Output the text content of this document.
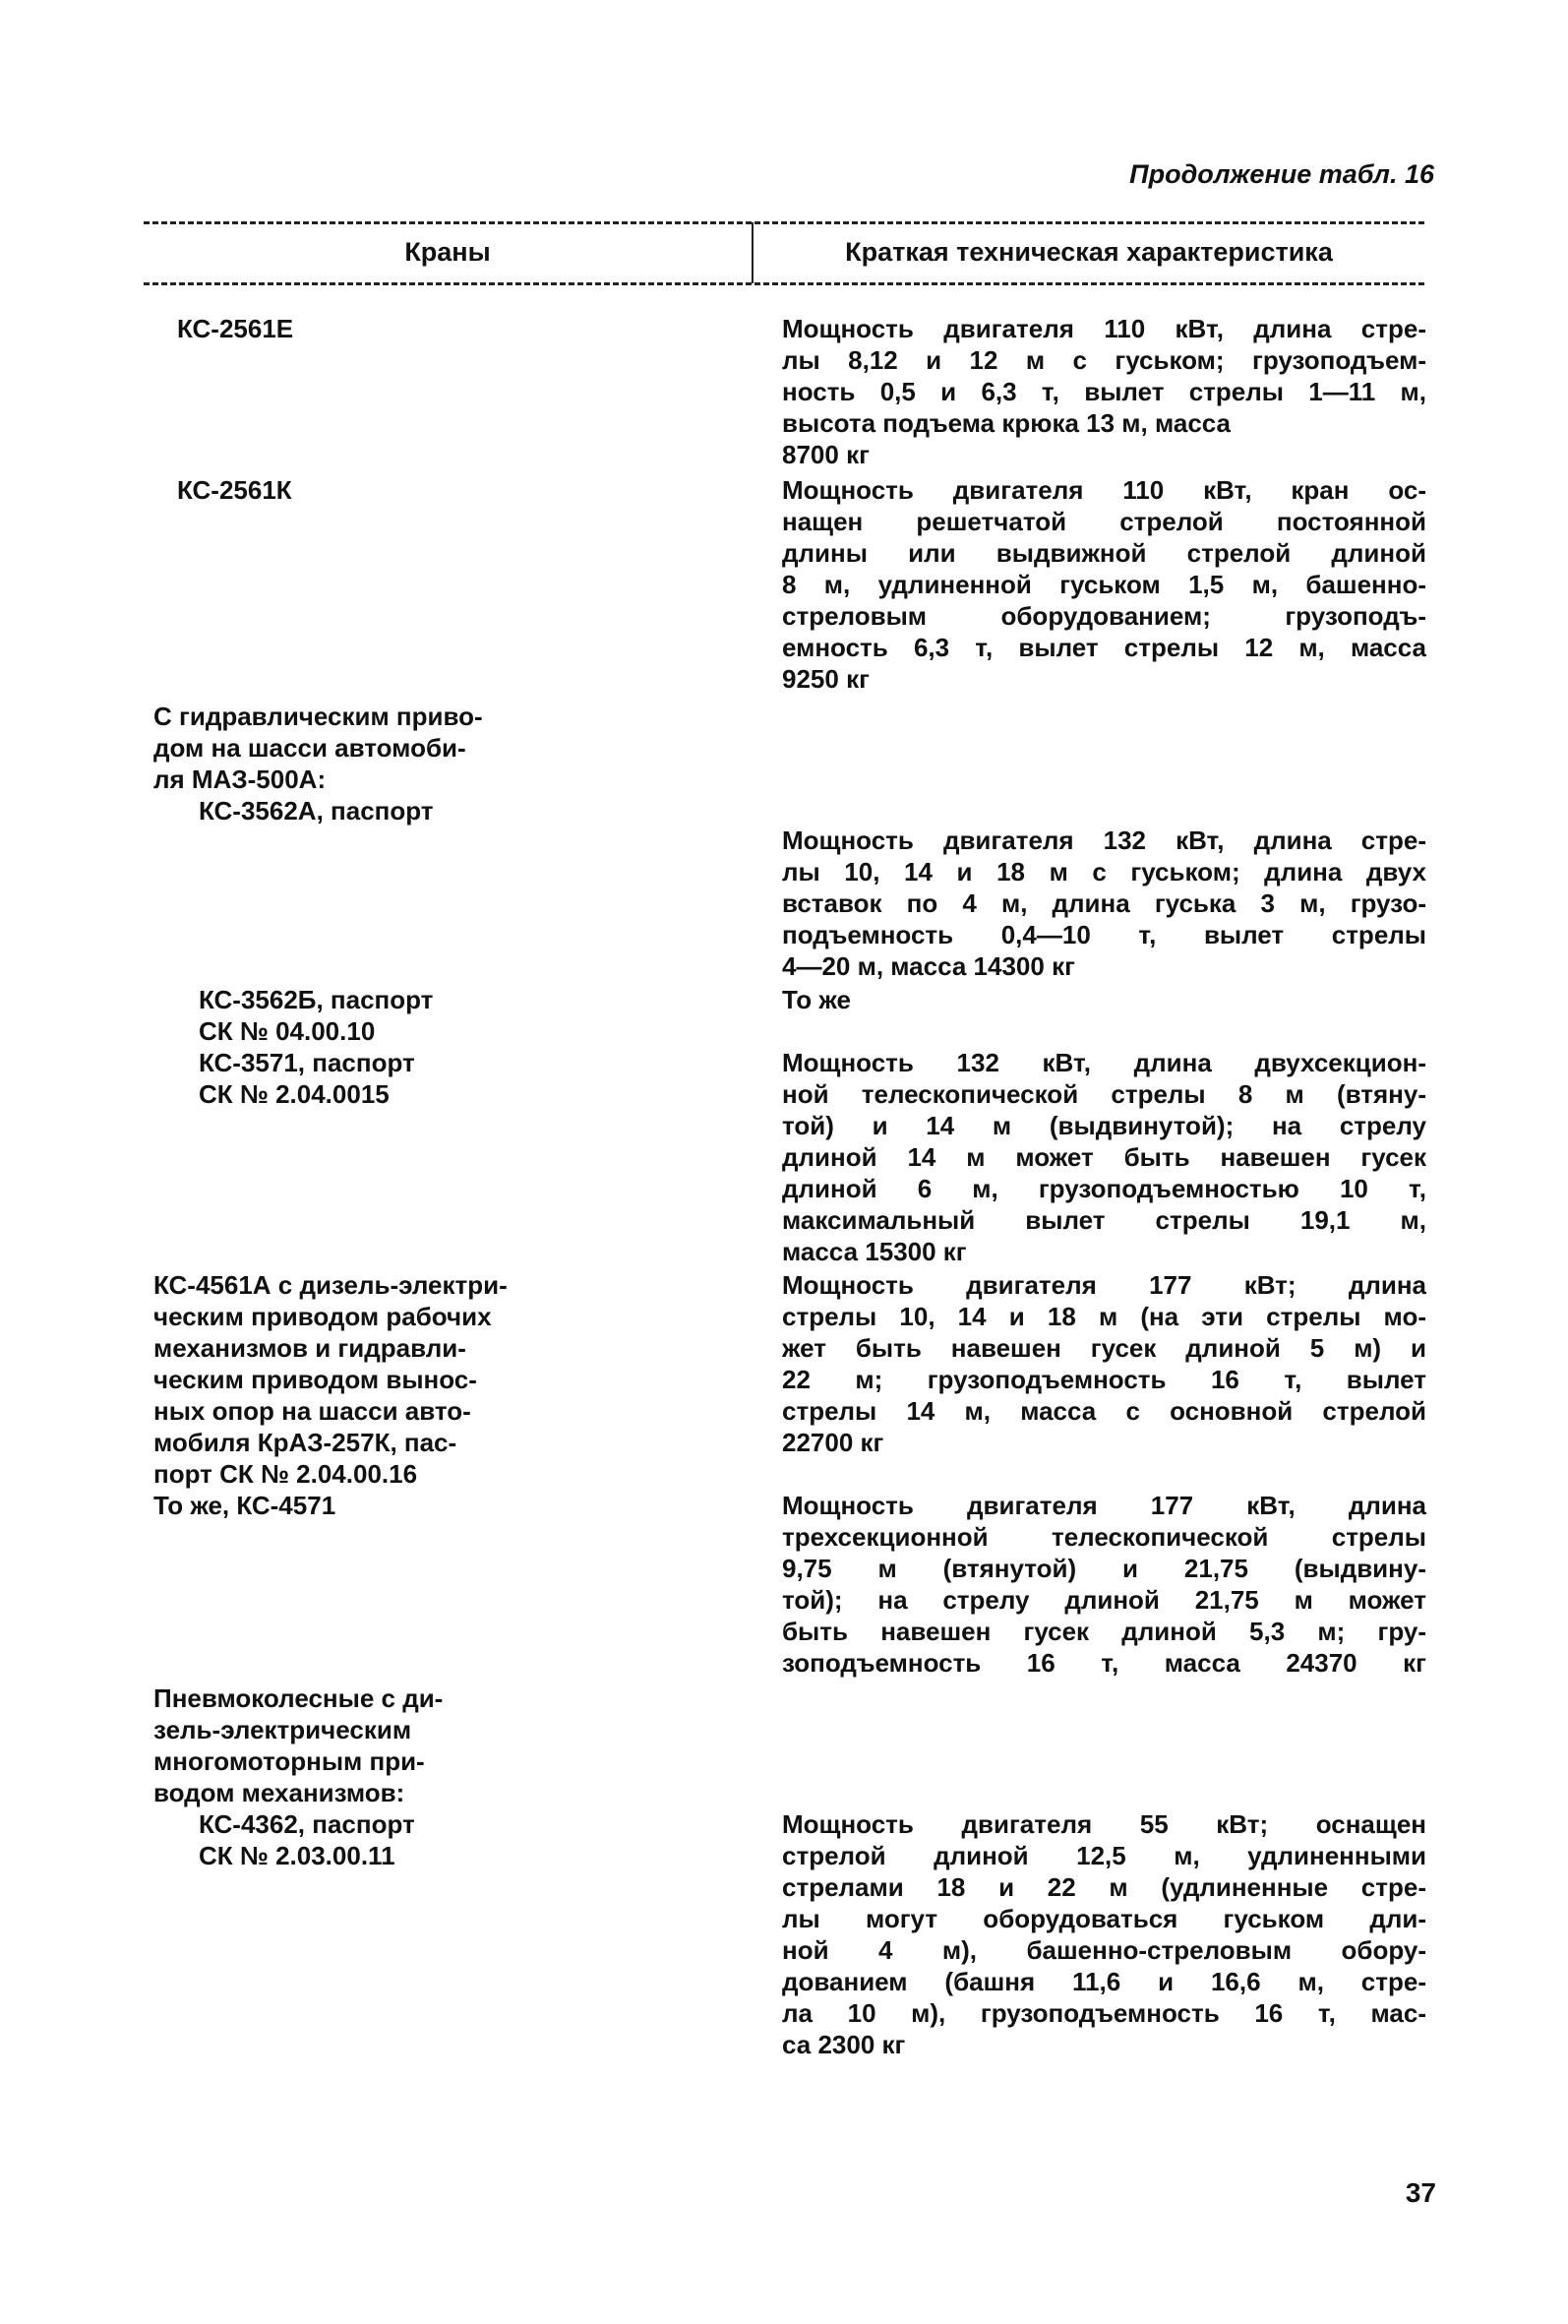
Продолжение табл. 16
Краны	Краткая техническая характеристика
КС-2561Е
КС-2561К
С гидравлическим приво-
дом на шасси автомоби-
ля МАЗ-500А:
КС-3562А, паспорт
КС-3562Б, паспорт
СК № 04.00.10
КС-3571, паспорт
СК № 2.04.0015
КС-4561А с дизель-электри-
ческим приводом рабочих
механизмов и гидравли-
ческим приводом вынос-
ных опор на шасси авто-
мобиля КрАЗ-257К, пас-
порт СК № 2.04.00.16
То же, КС-4571
Пневмоколесные с ди-
зель-электрическим
многомоторным при-
водом механизмов:
КС-4362, паспорт
СК № 2.03.00.11
Мощность двигателя 110 кВт, длина стре-
лы 8,12 и 12 м с гуськом; грузоподъем-
ность 0,5 и 6,3 т, вылет стрелы 1—11 м,
высота подъема крюка 13 м, масса
8700 кг
Мощность двигателя 110 кВт, кран ос-
нащен решетчатой стрелой постоянной
длины или выдвижной стрелой длиной
8 м, удлиненной гуськом 1,5 м, башенно-
стреловым оборудованием; грузоподъ-
емность 6,3 т, вылет стрелы 12 м, масса
9250 кг
Мощность двигателя 132 кВт, длина стре-
лы 10, 14 и 18 м с гуськом; длина двух
вставок по 4 м, длина гуська 3 м, грузо-
подъемность 0,4—10 т, вылет стрелы
4—20 м, масса 14300 кг
То же
Мощность 132 кВт, длина двухсекцион-
ной телескопической стрелы 8 м (втяну-
той) и 14 м (выдвинутой); на стрелу
длиной 14 м может быть навешен гусек
длиной 6 м, грузоподъемностью 10 т,
максимальный вылет стрелы 19,1 м,
масса 15300 кг
Мощность двигателя 177 кВт; длина
стрелы 10, 14 и 18 м (на эти стрелы мо-
жет быть навешен гусек длиной 5 м) и
22 м; грузоподъемность 16 т, вылет
стрелы 14 м, масса с основной стрелой
22700 кг
Мощность двигателя 177 кВт, длина
трехсекционной телескопической стрелы
9,75 м (втянутой) и 21,75 (выдвину-
той); на стрелу длиной 21,75 м может
быть навешен гусек длиной 5,3 м; гру-
зоподъемность 16 т, масса 24370 кг
Мощность двигателя 55 кВт; оснащен
стрелой длиной 12,5 м, удлиненными
стрелами 18 и 22 м (удлиненные стре-
лы могут оборудоваться гуськом дли-
ной 4 м), башенно-стреловым обору-
дованием (башня 11,6 и 16,6 м, стре-
ла 10 м), грузоподъемность 16 т, мас-
са 2300 кг
37
